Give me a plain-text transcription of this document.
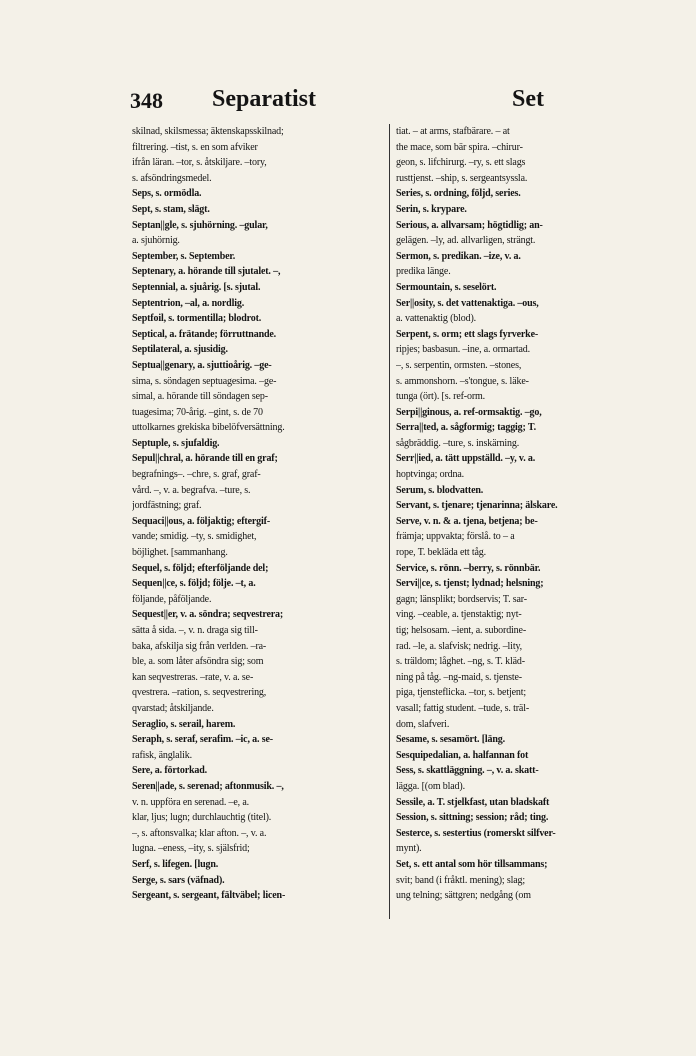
348 Separatist	Set
skilnad, skilsmessa; äktenskapsskilnad;
filtrering. –tist, s. en som afviker
ifrån läran. –tor, s. åtskiljare. –tory,
s. afsöndringsmedel.
Seps, s. ormödla.
Sept, s. stam, slägt.
Septan||gle, s. sjuhörning. –gular,
a. sjuhörnig.
September, s. September.
Septenary, a. hörande till sjutalet. –,
Septennial, a. sjuårig. [s. sjutal.
Septentrion, –al, a. nordlig.
Septfoil, s. tormentilla; blodrot.
Septical, a. frätande; förruttnande.
Septilateral, a. sjusidig.
Septua||genary, a. sjuttioårig. –ge-
sima, s. söndagen septuagesima. –ge-
simal, a. hörande till söndagen sep-
tuagesima; 70-årig. –gint, s. de 70
uttolkarnes grekiska bibelöfversättning.
Septuple, s. sjufaldig.
Sepul||chral, a. hörande till en graf;
begrafnings–. –chre, s. graf, graf-
vård. –, v. a. begrafva. –ture, s.
jordfästning; graf.
Sequaci||ous, a. följaktig; eftergif-
vande; smidig. –ty, s. smidighet,
böjlighet. [sammanhang.
Sequel, s. följd; efterföljande del;
Sequen||ce, s. följd; följe. –t, a.
följande, påföljande.
Sequest||er, v. a. söndra; seqvestrera;
sätta å sida. –, v. n. draga sig till-
baka, afskilja sig från verlden. –ra-
ble, a. som låter afsöndra sig; som
kan seqvestreras. –rate, v. a. se-
qvestrera. –ration, s. seqvestrering,
qvarstad; åtskiljande.
Seraglio, s. serail, harem.
Seraph, s. seraf, serafim. –ic, a. se-
rafisk, änglalik.
Sere, a. förtorkad.
Seren||ade, s. serenad; aftonmusik. –,
v. n. uppföra en serenad. –e, a.
klar, ljus; lugn; durchlauchtig (titel).
–, s. aftonsvalka; klar afton. –, v. a.
lugna. –eness, –ity, s. själsfrid;
Serf, s. lifegen. [lugn.
Serge, s. sars (väfnad).
Sergeant, s. sergeant, fältväbel; licen-
tiat. – at arms, stafbärare. – at
the mace, som bär spira. –chirur-
geon, s. lifchirurg. –ry, s. ett slags
rusttjenst. –ship, s. sergeantsyssla.
Series, s. ordning, följd, series.
Serin, s. krypare.
Serious, a. allvarsam; högtidlig; an-
gelägen. –ly, ad. allvarligen, strängt.
Sermon, s. predikan. –ize, v. a.
predika länge.
Sermountain, s. seselört.
Ser||osity, s. det vattenaktiga. –ous,
a. vattenaktig (blod).
Serpent, s. orm; ett slags fyrverke-
ripjes; basbasun. –ine, a. ormartad.
–, s. serpentin, ormsten. –stones,
s. ammonshorn. –s'tongue, s. läke-
tunga (ört). [s. ref-orm.
Serpi||ginous, a. ref-ormsaktig. –go,
Serra||ted, a. sågformig; taggig; T.
sågbräddig. –ture, s. inskärning.
Serr||ied, a. tätt uppställd. –y, v. a.
hoptvinga; ordna.
Serum, s. blodvatten.
Servant, s. tjenare; tjenarinna; älskare.
Serve, v. n. & a. tjena, betjena; be-
främja; uppvakta; förslå. to – a
rope, T. bekläda ett tåg.
Service, s. rönn. –berry, s. rönnbär.
Servi||ce, s. tjenst; lydnad; helsning;
gagn; länsplikt; bordservis; T. sar-
ving. –ceable, a. tjenstaktig; nyt-
tig; helsosam. –ient, a. subordine-
rad. –le, a. slafvisk; nedrig. –lity,
s. träldom; låghet. –ng, s. T. kläd-
ning på tåg. –ng-maid, s. tjenste-
piga, tjensteflicka. –tor, s. betjent;
vasall; fattig student. –tude, s. träl-
dom, slafveri.
Sesame, s. sesamört. [läng.
Sesquipedalian, a. halfannan fot
Sess, s. skattläggning. –, v. a. skatt-
lägga. [(om blad).
Sessile, a. T. stjelkfast, utan bladskaft
Session, s. sittning; session; råd; ting.
Sesterce, s. sestertius (romerskt silfver-
mynt).
Set, s. ett antal som hör tillsammans;
svit; band (i fråktl. mening); slag;
ung telning; sättgren; nedgång (om
